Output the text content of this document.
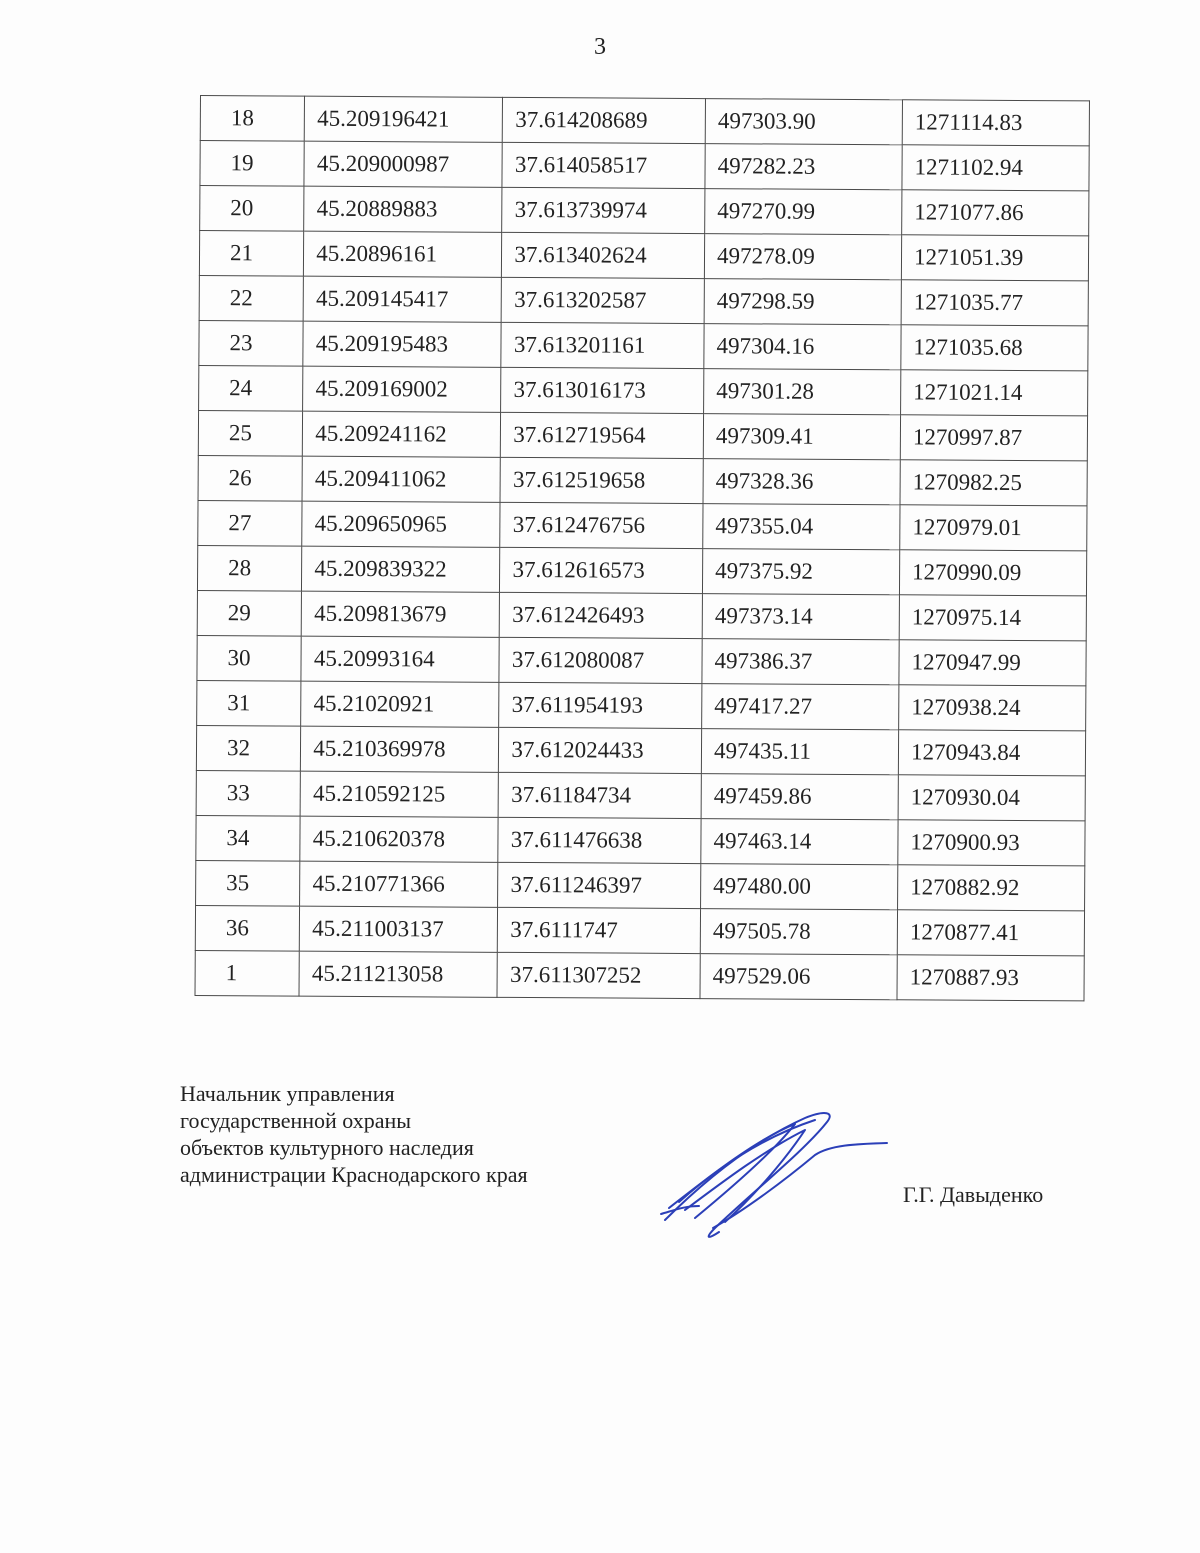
3
18	45.209196421	37.614208689	497303.90	1271114.83
19	45.209000987	37.614058517	497282.23	1271102.94
20	45.20889883	37.613739974	497270.99	1271077.86
21	45.20896161	37.613402624	497278.09	1271051.39
22	45.209145417	37.613202587	497298.59	1271035.77
23	45.209195483	37.613201161	497304.16	1271035.68
24	45.209169002	37.613016173	497301.28	1271021.14
25	45.209241162	37.612719564	497309.41	1270997.87
26	45.209411062	37.612519658	497328.36	1270982.25
27	45.209650965	37.612476756	497355.04	1270979.01
28	45.209839322	37.612616573	497375.92	1270990.09
29	45.209813679	37.612426493	497373.14	1270975.14
30	45.20993164	37.612080087	497386.37	1270947.99
31	45.21020921	37.611954193	497417.27	1270938.24
32	45.210369978	37.612024433	497435.11	1270943.84
33	45.210592125	37.61184734	497459.86	1270930.04
34	45.210620378	37.611476638	497463.14	1270900.93
35	45.210771366	37.611246397	497480.00	1270882.92
36	45.211003137	37.6111747	497505.78	1270877.41
1	45.211213058	37.611307252	497529.06	1270887.93
Начальник управления
государственной охраны
объектов культурного наследия
администрации Краснодарского края
Г.Г. Давыденко
